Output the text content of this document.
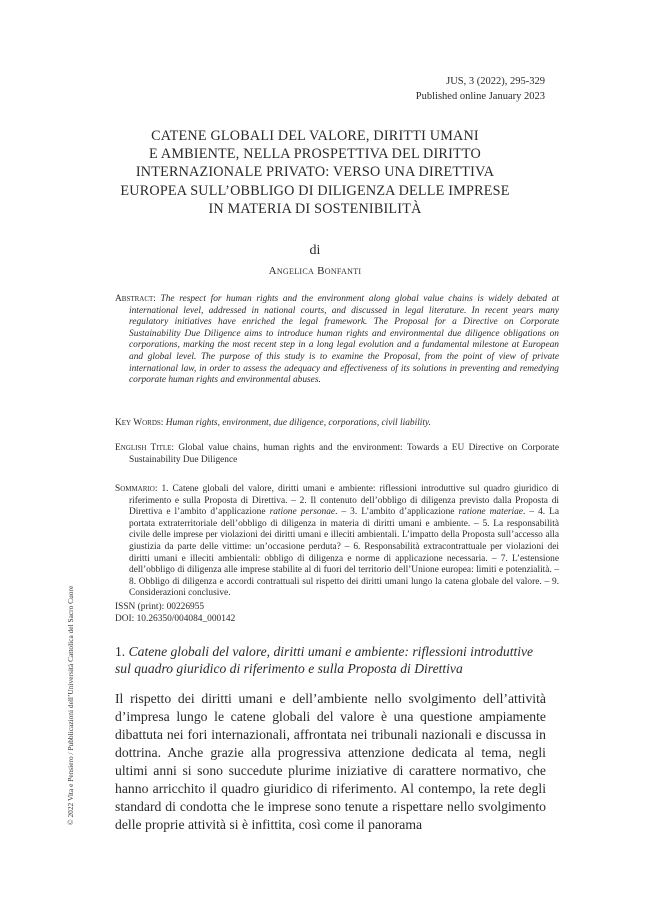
JUS, 3 (2022), 295-329
Published online January 2023
CATENE GLOBALI DEL VALORE, DIRITTI UMANI
E AMBIENTE, NELLA PROSPETTIVA DEL DIRITTO
INTERNAZIONALE PRIVATO: VERSO UNA DIRETTIVA
EUROPEA SULL’OBBLIGO DI DILIGENZA DELLE IMPRESE
IN MATERIA DI SOSTENIBILITÀ
di
Angelica Bonfanti
Abstract: The respect for human rights and the environment along global value chains is widely debated at international level, addressed in national courts, and discussed in legal literature. In recent years many regulatory initiatives have enriched the legal framework. The Proposal for a Directive on Corporate Sustainability Due Diligence aims to introduce human rights and environmental due diligence obligations on corporations, marking the most recent step in a long legal evolution and a fundamental milestone at European and global level. The purpose of this study is to examine the Proposal, from the point of view of private international law, in order to assess the adequacy and effectiveness of its solutions in preventing and remedying corporate human rights and environmental abuses.
Key Words: Human rights, environment, due diligence, corporations, civil liability.
English Title: Global value chains, human rights and the environment: Towards a EU Directive on Corporate Sustainability Due Diligence
Sommario: 1. Catene globali del valore, diritti umani e ambiente: riflessioni introduttive sul quadro giuridico di riferimento e sulla Proposta di Direttiva. – 2. Il contenuto dell’obbligo di diligenza previsto dalla Proposta di Direttiva e l’ambito d’applicazione ratione personae. – 3. L’ambito d’applicazione ratione materiae. – 4. La portata extraterritoriale dell’obbligo di diligenza in materia di diritti umani e ambiente. – 5. La responsabilità civile delle imprese per violazioni dei diritti umani e illeciti ambientali. L’impatto della Proposta sull’accesso alla giustizia da parte delle vittime: un’occasione perduta? – 6. Responsabilità extracontrattuale per violazioni dei diritti umani e illeciti ambientali: obbligo di diligenza e norme di applicazione necessaria. – 7. L’estensione dell’obbligo di diligenza alle imprese stabilite al di fuori del territorio dell’Unione europea: limiti e potenzialità. – 8. Obbligo di diligenza e accordi contrattuali sul rispetto dei diritti umani lungo la catena globale del valore. – 9. Considerazioni conclusive.
ISSN (print): 00226955
DOI: 10.26350/004084_000142
1. Catene globali del valore, diritti umani e ambiente: riflessioni introduttive sul quadro giuridico di riferimento e sulla Proposta di Direttiva
Il rispetto dei diritti umani e dell’ambiente nello svolgimento dell’attività d’impresa lungo le catene globali del valore è una questione ampiamente dibattuta nei fori internazionali, affrontata nei tribunali nazionali e discussa in dottrina. Anche grazie alla progressiva attenzione dedicata al tema, negli ultimi anni si sono succedute plurime iniziative di carattere normativo, che hanno arricchito il quadro giuridico di riferimento. Al contempo, la rete degli standard di condotta che le imprese sono tenute a rispettare nello svolgimento delle proprie attività si è infittita, così come il panorama
© 2022 Vita e Pensiero / Pubblicazioni dell’Università Cattolica del Sacro Cuore
